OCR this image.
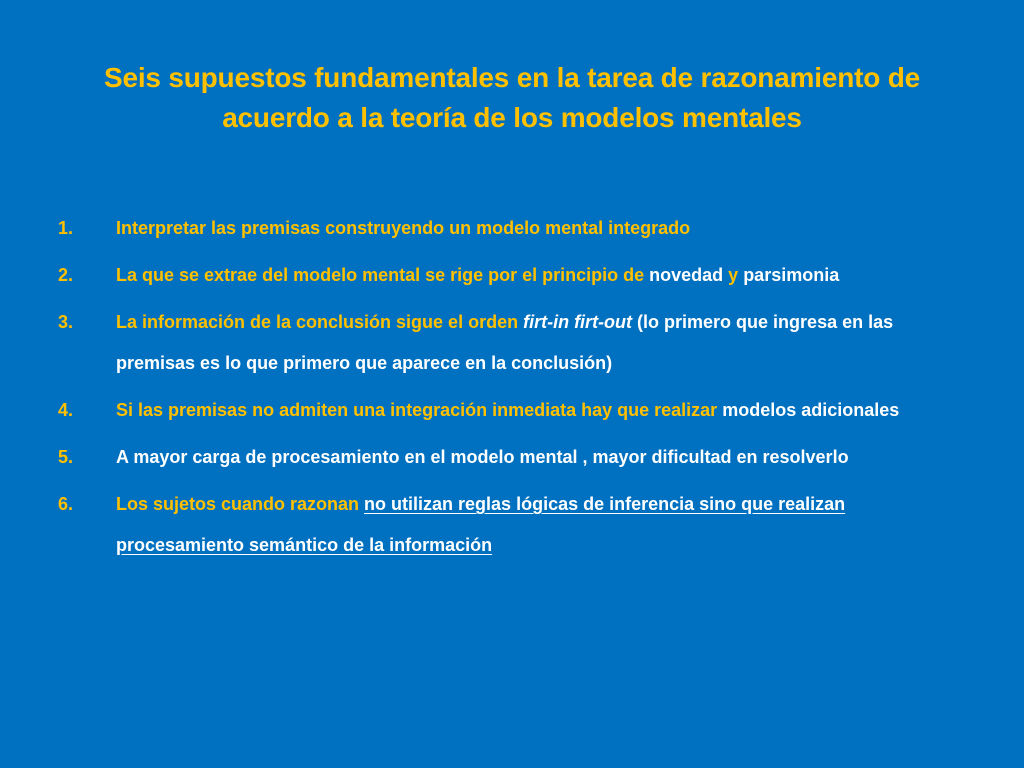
Seis supuestos fundamentales en la tarea de razonamiento de acuerdo a la teoría de los modelos mentales
1. Interpretar las premisas construyendo un modelo mental integrado
2. La que se extrae del modelo mental se rige por el principio de novedad y parsimonia
3. La información de la conclusión sigue el orden firt-in firt-out (lo primero que ingresa en las premisas es lo que primero que aparece en la conclusión)
4. Si las premisas no admiten una integración inmediata hay que realizar modelos adicionales
5. A mayor carga de procesamiento en el modelo mental , mayor dificultad en resolverlo
6. Los sujetos cuando razonan no utilizan reglas lógicas de inferencia sino que realizan procesamiento semántico de la información
